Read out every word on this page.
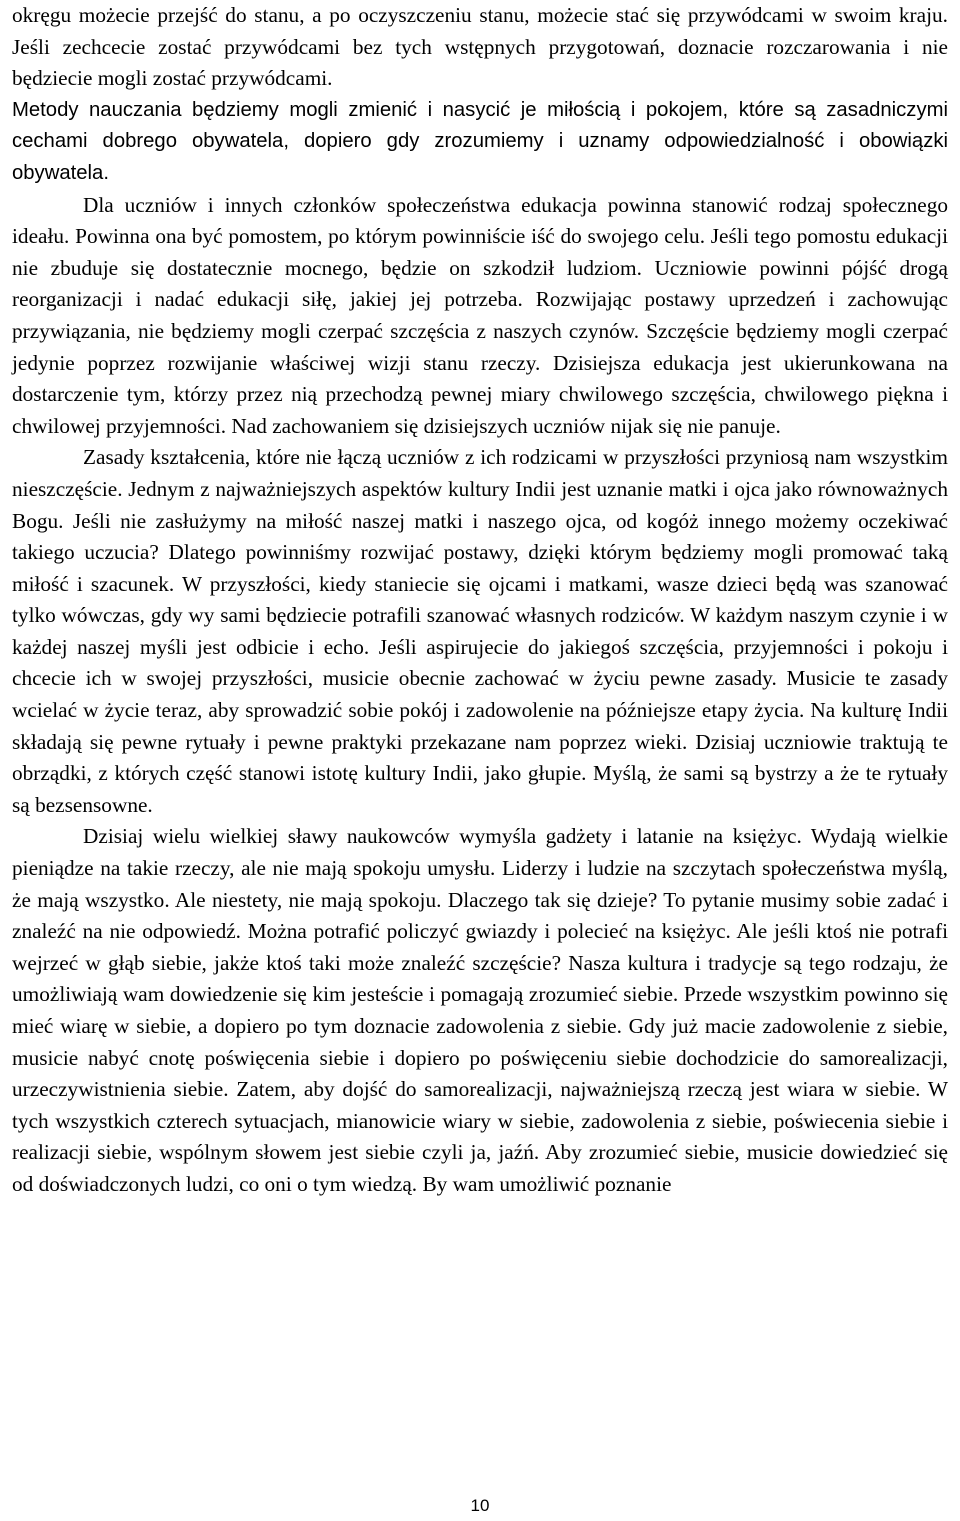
okręgu możecie przejść do stanu, a po oczyszczeniu stanu, możecie stać się przywódcami w swoim kraju. Jeśli zechcecie zostać przywódcami bez tych wstępnych przygotowań, doznacie rozczarowania i nie będziecie mogli zostać przywódcami.

Metody nauczania będziemy mogli zmienić i nasycić je miłością i pokojem, które są zasadniczymi cechami dobrego obywatela, dopiero gdy zrozumiemy i uznamy odpowiedzialność i obowiązki obywatela.

Dla uczniów i innych członków społeczeństwa edukacja powinna stanowić rodzaj społecznego ideału. Powinna ona być pomostem, po którym powinniście iść do swojego celu. Jeśli tego pomostu edukacji nie zbuduje się dostatecznie mocnego, będzie on szkodził ludziom. Uczniowie powinni pójść drogą reorganizacji i nadać edukacji siłę, jakiej jej potrzeba. Rozwijając postawy uprzedzeń i zachowując przywiązania, nie będziemy mogli czerpać szczęścia z naszych czynów. Szczęście będziemy mogli czerpać jedynie poprzez rozwijanie właściwej wizji stanu rzeczy. Dzisiejsza edukacja jest ukierunkowana na dostarczenie tym, którzy przez nią przechodzą pewnej miary chwilowego szczęścia, chwilowego piękna i chwilowej przyjemności. Nad zachowaniem się dzisiejszych uczniów nijak się nie panuje.

Zasady kształcenia, które nie łączą uczniów z ich rodzicami w przyszłości przyniosą nam wszystkim nieszczęście. Jednym z najważniejszych aspektów kultury Indii jest uznanie matki i ojca jako równoważnych Bogu. Jeśli nie zasłużymy na miłość naszej matki i naszego ojca, od kogóż innego możemy oczekiwać takiego uczucia? Dlatego powinniśmy rozwijać postawy, dzięki którym będziemy mogli promować taką miłość i szacunek. W przyszłości, kiedy staniecie się ojcami i matkami, wasze dzieci będą was szanować tylko wówczas, gdy wy sami będziecie potrafili szanować własnych rodziców. W każdym naszym czynie i w każdej naszej myśli jest odbicie i echo. Jeśli aspirujecie do jakiegoś szczęścia, przyjemności i pokoju i chcecie ich w swojej przyszłości, musicie obecnie zachować w życiu pewne zasady. Musicie te zasady wcielać w życie teraz, aby sprowadzić sobie pokój i zadowolenie na późniejsze etapy życia. Na kulturę Indii składają się pewne rytuały i pewne praktyki przekazane nam poprzez wieki. Dzisiaj uczniowie traktują te obrządki, z których część stanowi istotę kultury Indii, jako głupie. Myślą, że sami są bystrzy a że te rytuały są bezsensowne.

Dzisiaj wielu wielkiej sławy naukowców wymyśla gadżety i latanie na księżyc. Wydają wielkie pieniądze na takie rzeczy, ale nie mają spokoju umysłu. Liderzy i ludzie na szczytach społeczeństwa myślą, że mają wszystko. Ale niestety, nie mają spokoju. Dlaczego tak się dzieje? To pytanie musimy sobie zadać i znaleźć na nie odpowiedź. Można potrafić policzyć gwiazdy i polecieć na księżyc. Ale jeśli ktoś nie potrafi wejrzeć w głąb siebie, jakże ktoś taki może znaleźć szczęście? Nasza kultura i tradycje są tego rodzaju, że umożliwiają wam dowiedzenie się kim jesteście i pomagają zrozumieć siebie. Przede wszystkim powinno się mieć wiarę w siebie, a dopiero po tym doznacie zadowolenia z siebie. Gdy już macie zadowolenie z siebie, musicie nabyć cnotę poświęcenia siebie i dopiero po poświęceniu siebie dochodzicie do samorealizacji, urzeczywistnienia siebie. Zatem, aby dojść do samorealizacji, najważniejszą rzeczą jest wiara w siebie. W tych wszystkich czterech sytuacjach, mianowicie wiary w siebie, zadowolenia z siebie, poświecenia siebie i realizacji siebie, wspólnym słowem jest siebie czyli ja, jaźń. Aby zrozumieć siebie, musicie dowiedzieć się od doświadczonych ludzi, co oni o tym wiedzą. By wam umożliwić poznanie

10
